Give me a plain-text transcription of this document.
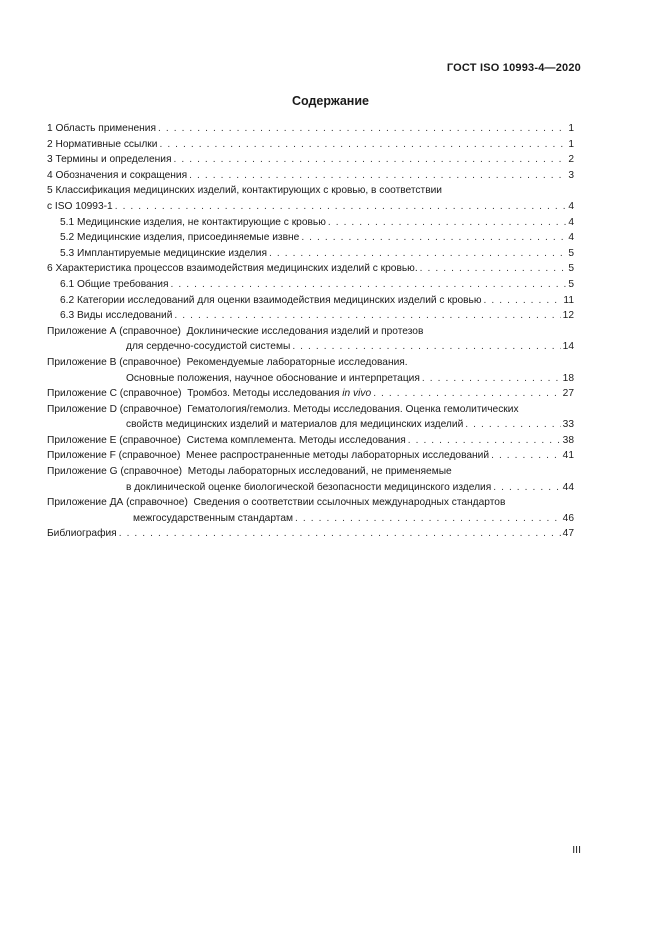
ГОСТ ISO 10993-4—2020
Содержание
1 Область применения . . .	1
2 Нормативные ссылки . . .	1
3 Термины и определения . . .	2
4 Обозначения и сокращения . . .	3
5 Классификация медицинских изделий, контактирующих с кровью, в соответствии
с ISO 10993-1 . . .	4
5.1 Медицинские изделия, не контактирующие с кровью . . .	4
5.2 Медицинские изделия, присоединяемые извне . . .	4
5.3 Имплантируемые медицинские изделия . . .	5
6 Характеристика процессов взаимодействия медицинских изделий с кровью. . . .	5
6.1 Общие требования . . .	5
6.2 Категории исследований для оценки взаимодействия медицинских изделий с кровью . . .	11
6.3 Виды исследований . . .	12
Приложение А (справочное) Доклинические исследования изделий и протезов
для сердечно-сосудистой системы . . .	14
Приложение В (справочное) Рекомендуемые лабораторные исследования.
Основные положения, научное обоснование и интерпретация . . .	18
Приложение С (справочное) Тромбоз. Методы исследования in vivo . . .	27
Приложение D (справочное) Гематология/гемолиз. Методы исследования. Оценка гемолитических
свойств медицинских изделий и материалов для медицинских изделий . . .	33
Приложение Е (справочное) Система комплемента. Методы исследования . . .	38
Приложение F (справочное) Менее распространенные методы лабораторных исследований . . .	41
Приложение G (справочное) Методы лабораторных исследований, не применяемые
в доклинической оценке биологической безопасности медицинского изделия . . .	44
Приложение ДА (справочное) Сведения о соответствии ссылочных международных стандартов
межгосударственным стандартам . . .	46
Библиография . . .	47
III
